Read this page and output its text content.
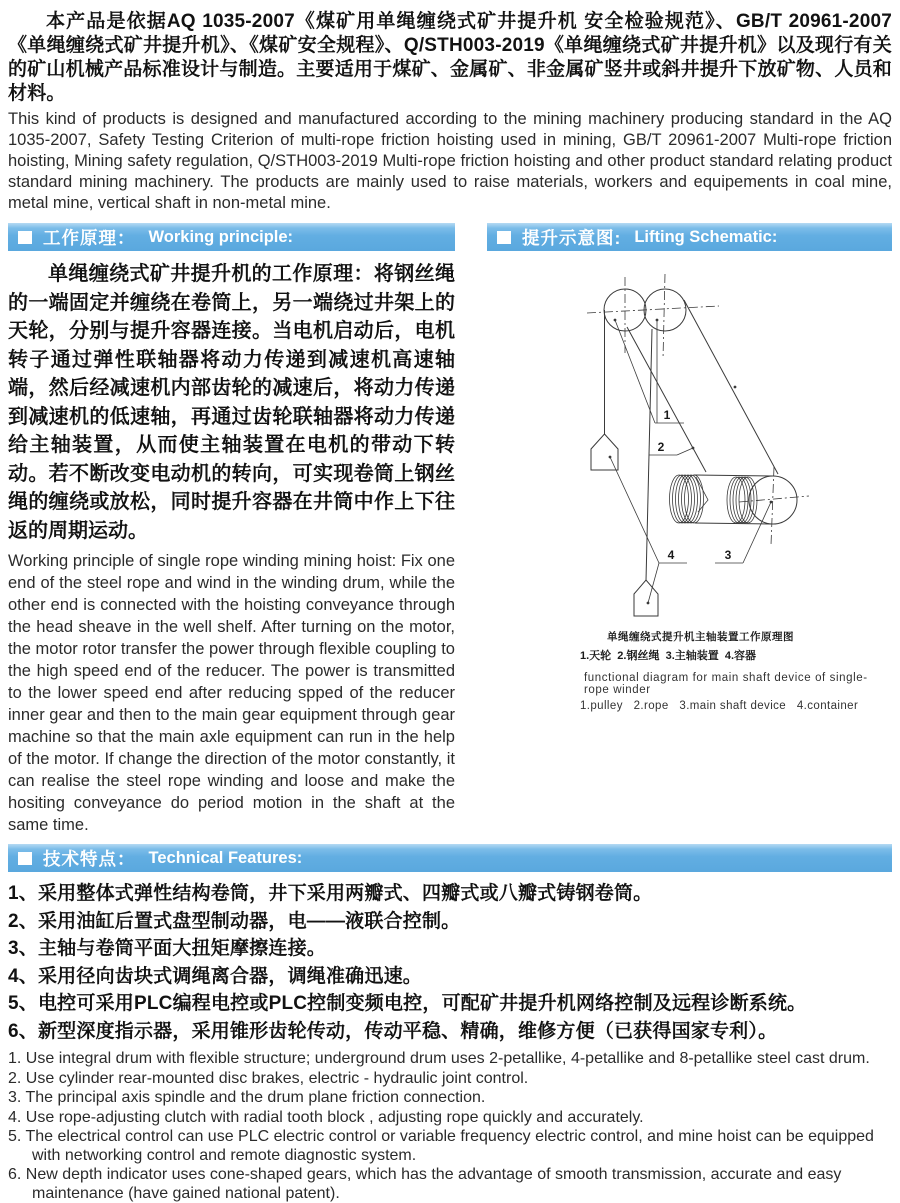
本产品是依据AQ 1035-2007《煤矿用单绳缠绕式矿井提升机 安全检验规范》、GB/T 20961-2007《单绳缠绕式矿井提升机》、《煤矿安全规程》、Q/STH003-2019《单绳缠绕式矿井提升机》以及现行有关的矿山机械产品标准设计与制造。主要适用于煤矿、金属矿、非金属矿竖井或斜井提升下放矿物、人员和材料。

This kind of products is designed and manufactured according to the mining machinery producing standard in the AQ 1035-2007, Safety Testing Criterion of multi-rope friction hoisting used in mining, GB/T 20961-2007 Multi-rope friction hoisting, Mining safety regulation, Q/STH003-2019 Multi-rope friction hoisting and other product standard relating product standard mining machinery. The products are mainly used to raise materials, workers and equipements in coal mine, metal mine, vertical shaft in non-metal mine.

工作原理： Working principle:

单绳缠绕式矿井提升机的工作原理：将钢丝绳的一端固定并缠绕在卷筒上，另一端绕过井架上的天轮，分别与提升容器连接。当电机启动后，电机转子通过弹性联轴器将动力传递到减速机高速轴端，然后经减速机内部齿轮的减速后，将动力传递到减速机的低速轴，再通过齿轮联轴器将动力传递给主轴装置，从而使主轴装置在电机的带动下转动。若不断改变电动机的转向，可实现卷筒上钢丝绳的缠绕或放松，同时提升容器在井筒中作上下往返的周期运动。

Working principle of single rope winding mining hoist: Fix one end of the steel rope and wind in the winding drum, while the other end is connected with the hoisting conveyance through the head sheave in the well shelf. After turning on the motor, the motor rotor transfer the power through flexible coupling to the high speed end of the reducer. The power is transmitted to the lower speed end after reducing spped of the reducer inner gear and then to the main gear equipment through gear machine so that the main axle equipment can run in the help of the motor. If change the direction of the motor constantly, it can realise the steel rope winding and loose and make the hositing conveyance do period motion in the shaft at the same time.

提升示意图: Lifting Schematic:
1
2
3
4
单绳缠绕式提升机主轴装置工作原理图
1.天轮  2.钢丝绳  3.主轴装置  4.容器
functional diagram for main shaft device of single-rope winder
1.pulley   2.rope   3.main shaft device   4.container
技术特点： Technical Features:
1、采用整体式弹性结构卷筒，井下采用两瓣式、四瓣式或八瓣式铸钢卷筒。
2、采用油缸后置式盘型制动器，电——液联合控制。
3、主轴与卷筒平面大扭矩摩擦连接。
4、采用径向齿块式调绳离合器，调绳准确迅速。
5、电控可采用PLC编程电控或PLC控制变频电控，可配矿井提升机网络控制及远程诊断系统。
6、新型深度指示器，采用锥形齿轮传动，传动平稳、精确，维修方便（已获得国家专利）。
1. Use integral drum with flexible structure; underground drum uses 2-petallike, 4-petallike and 8-petallike steel cast drum.
2. Use cylinder rear-mounted disc brakes, electric - hydraulic joint control.
3. The principal axis spindle and the drum plane friction connection.
4. Use rope-adjusting clutch with radial tooth block , adjusting rope quickly and accurately.
5. The electrical control can use PLC electric control or variable frequency electric control, and mine hoist can be equipped with networking control and remote diagnostic system.
6. New depth indicator uses cone-shaped gears, which has the advantage of smooth transmission, accurate and easy maintenance (have gained national patent).
